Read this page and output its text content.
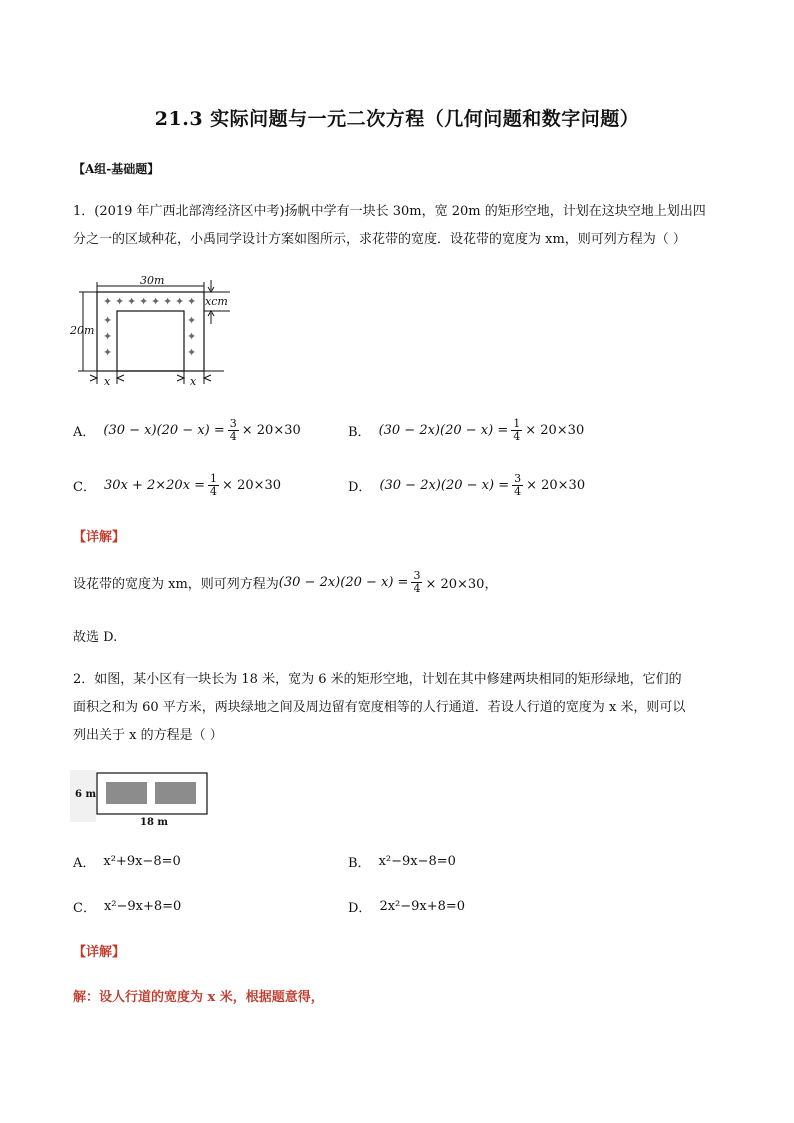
21.3 实际问题与一元二次方程（几何问题和数字问题）
【A组-基础题】
1．(2019 年广西北部湾经济区中考)扬帆中学有一块长 30m，宽 20m 的矩形空地，计划在这块空地上划出四
分之一的区域种花，小禹同学设计方案如图所示，求花带的宽度．设花带的宽度为 xm，则可列方程为（ ）
✦ ✦ ✦ ✦ ✦ ✦ ✦ ✦
✦
✦
✦
✦
✦
✦
30m
20m
xcm
x	x
A． $(30 - x)(20 - x) = \frac{3}{4} \times 20\times 30$	B． $(30 - 2x)(20 - x) = \frac{1}{4} \times 20\times 30$
C． $30x + 2\times 20x = \frac{1}{4} \times 20\times 30$	D． $(30 - 2x)(20 - x) = \frac{3}{4} \times 20\times 30$
【详解】
设花带的宽度为 xm，则可列方程为 $(30 - 2x)(20 - x) = \frac{3}{4} \times 20\times 30$，
故选 D.
2．如图，某小区有一块长为 18 米，宽为 6 米的矩形空地，计划在其中修建两块相同的矩形绿地，它们的
面积之和为 60 平方米，两块绿地之间及周边留有宽度相等的人行通道．若设人行道的宽度为 x 米，则可以
列出关于 x 的方程是（ ）
6 m
18 m
A． x²+9x−8=0	B． x²−9x−8=0
C． x²−9x+8=0	D． 2x²−9x+8=0
【详解】
解：设人行道的宽度为 x 米，根据题意得，
